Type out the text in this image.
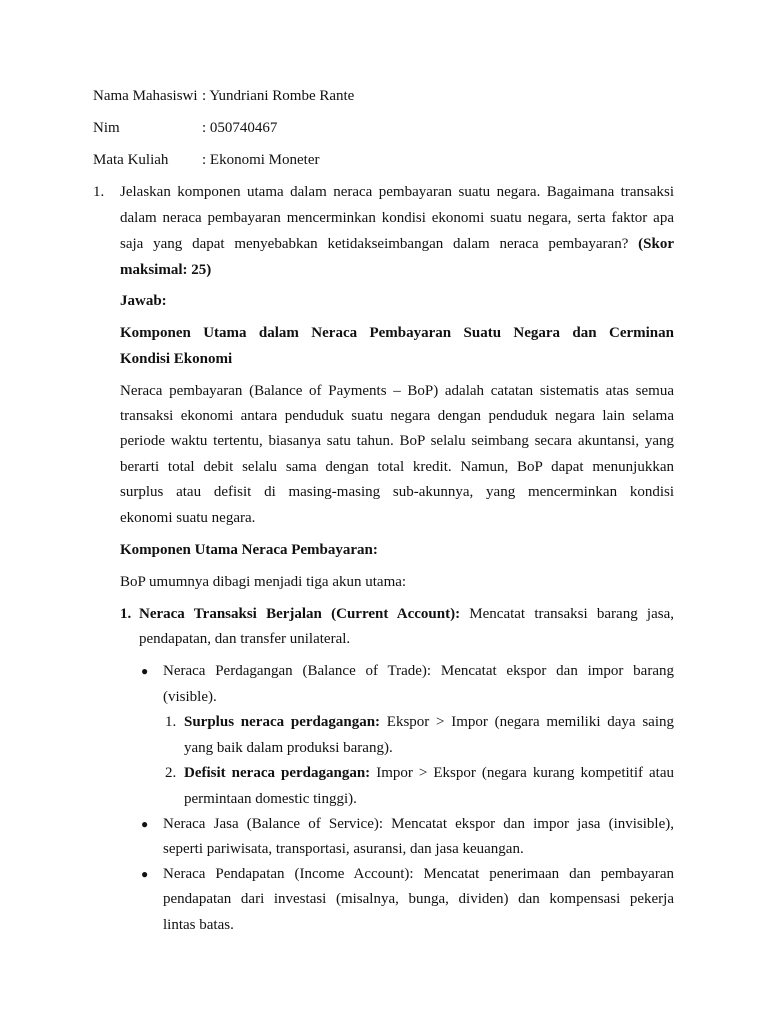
Nama Mahasiswi : Yundriani Rombe Rante
Nim	: 050740467
Mata Kuliah : Ekonomi Moneter
1. Jelaskan komponen utama dalam neraca pembayaran suatu negara. Bagaimana transaksi
dalam neraca pembayaran mencerminkan kondisi ekonomi suatu negara, serta faktor apa
saja yang dapat menyebabkan ketidakseimbangan dalam neraca pembayaran? (Skor
maksimal: 25)
Jawab:
Komponen Utama dalam Neraca Pembayaran Suatu Negara dan Cerminan
Kondisi Ekonomi
Neraca pembayaran (Balance of Payments – BoP) adalah catatan sistematis atas semua
transaksi ekonomi antara penduduk suatu negara dengan penduduk negara lain selama
periode waktu tertentu, biasanya satu tahun. BoP selalu seimbang secara akuntansi, yang
berarti total debit selalu sama dengan total kredit. Namun, BoP dapat menunjukkan
surplus atau defisit di masing-masing sub-akunnya, yang mencerminkan kondisi
ekonomi suatu negara.
Komponen Utama Neraca Pembayaran:
BoP umumnya dibagi menjadi tiga akun utama:
1. Neraca Transaksi Berjalan (Current Account): Mencatat transaksi barang jasa,
pendapatan, dan transfer unilateral.
● Neraca Perdagangan (Balance of Trade): Mencatat ekspor dan impor barang
(visible).
1. Surplus neraca perdagangan: Ekspor > Impor (negara memiliki daya saing
yang baik dalam produksi barang).
2. Defisit neraca perdagangan: Impor > Ekspor (negara kurang kompetitif atau
permintaan domestic tinggi).
● Neraca Jasa (Balance of Service): Mencatat ekspor dan impor jasa (invisible),
seperti pariwisata, transportasi, asuransi, dan jasa keuangan.
● Neraca Pendapatan (Income Account): Mencatat penerimaan dan pembayaran
pendapatan dari investasi (misalnya, bunga, dividen) dan kompensasi pekerja
lintas batas.
